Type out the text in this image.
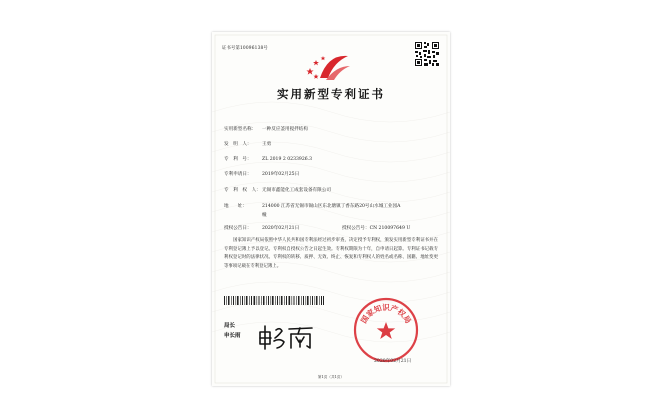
证书号第10096138号
实用新型专利证书
实用新型名称： 一种反应釜用搅拌结构
发　明　人： 王勇
专　利　号： ZL 2019 2 0233926.3
专利申请日： 2019年02月25日
专　利　权　人：无锡市鑫能化工成套设备有限公司
地　　址：	214000 江苏省无锡市锡山区东北塘镇丁香东路20号山水城工业园A
幢
授权公告日： 2020年02月21日	授权公告号：CN 210097649 U

国家知识产权局依照中华人民共和国专利法经过初步审查，决定授予专利权，颁发实用新型专利证书并在专利登记簿上予以登记。专利权自授权公告之日起生效。专利权期限为十年，自申请日起算。专利证书记载专利权登记时的法律状况。专利权的转移、质押、无效、终止、恢复和专利权人的姓名或名称、国籍、地址变更等事项记载在专利登记簿上。

局长
申长雨
国家知识产权局
2020年02月21日
第1页（共1页）
